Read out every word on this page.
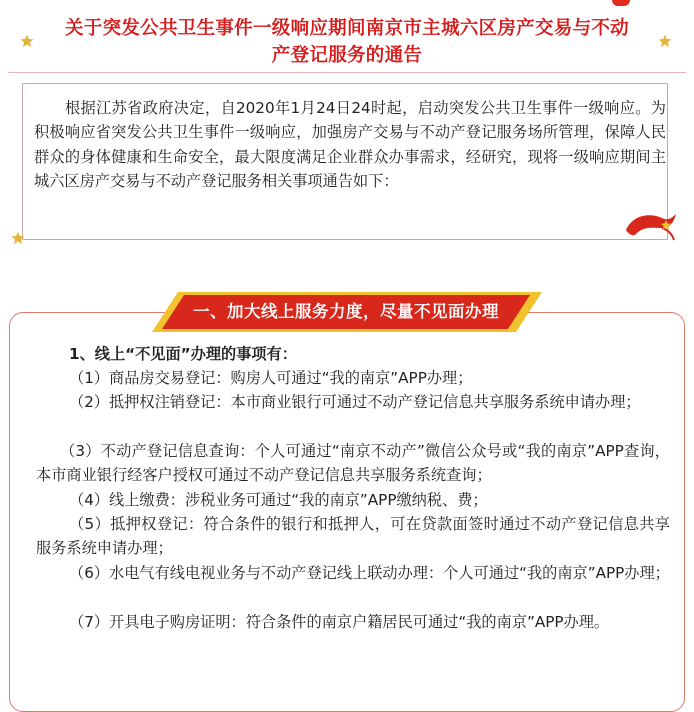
关于突发公共卫生事件一级响应期间南京市主城六区房产交易与不动
产登记服务的通告
根据江苏省政府决定，自2020年1月24日24时起，启动突发公共卫生事件一级响应。为积极响应省突发公共卫生事件一级响应，加强房产交易与不动产登记服务场所管理，保障人民群众的身体健康和生命安全，最大限度满足企业群众办事需求，经研究，现将一级响应期间主城六区房产交易与不动产登记服务相关事项通告如下：
一、加大线上服务力度，尽量不见面办理
1、线上“不见面”办理的事项有：
（1）商品房交易登记：购房人可通过“我的南京”APP办理；
（2）抵押权注销登记：本市商业银行可通过不动产登记信息共享服务系统申请办理；
（3）不动产登记信息查询：个人可通过“南京不动产”微信公众号或“我的南京”APP查询，本市商业银行经客户授权可通过不动产登记信息共享服务系统查询；
（4）线上缴费：涉税业务可通过“我的南京”APP缴纳税、费；
（5）抵押权登记：符合条件的银行和抵押人，可在贷款面签时通过不动产登记信息共享服务系统申请办理；
（6）水电气有线电视业务与不动产登记线上联动办理：个人可通过“我的南京”APP办理；
（7）开具电子购房证明：符合条件的南京户籍居民可通过“我的南京”APP办理。
